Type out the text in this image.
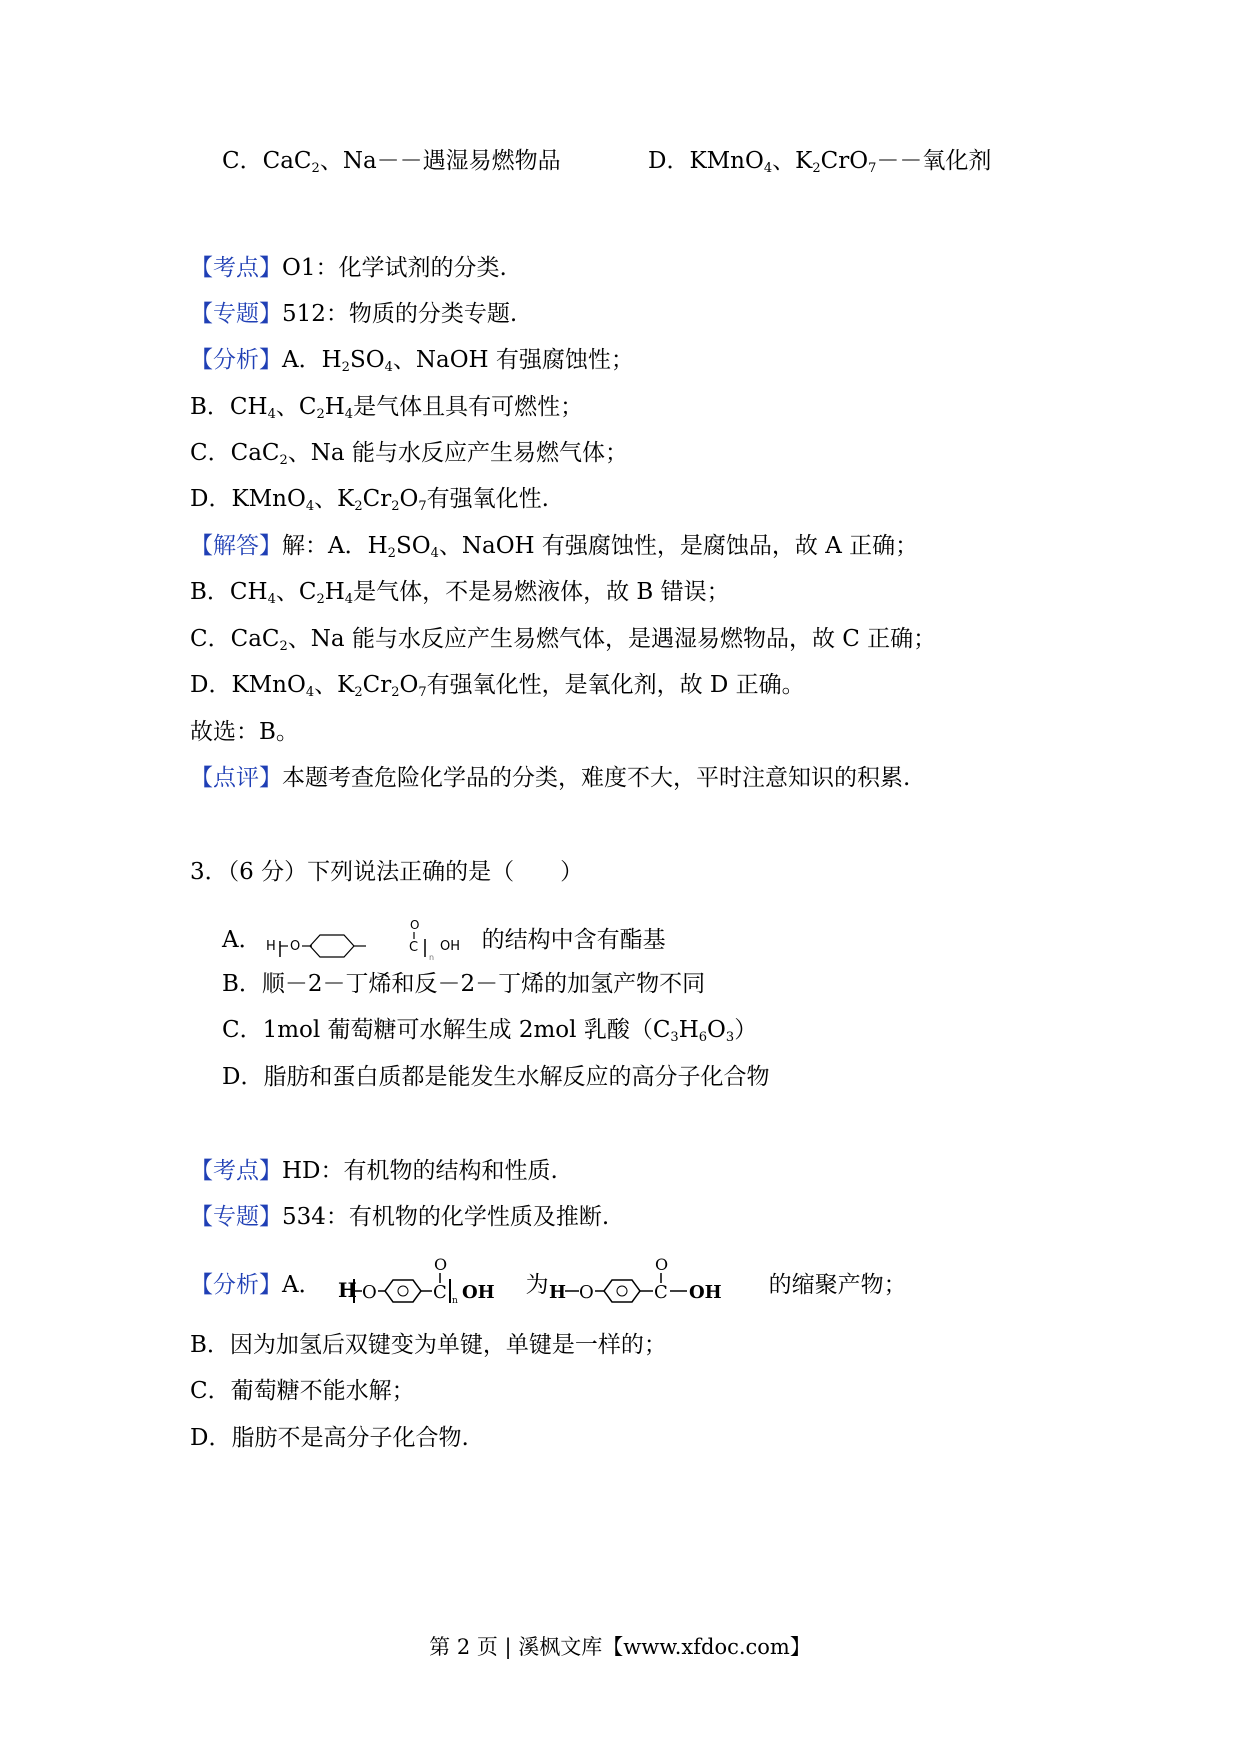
C．CaC$_2$、Na－－遇湿易燃物品	D．KMnO$_4$、$K_2CrO_7--$氧化剂
【考点】O1：化学试剂的分类.
【专题】512：物质的分类专题.
【分析】A．$H_2SO_4$、NaOH 有强腐蚀性；
B．$CH_4$、$C_2H_4$是气体且具有可燃性；
C．CaC$_2$、Na 能与水反应产生易燃气体；
D．KMnO$_4$、$K_2Cr_2O_7$有强氧化性.
【解答】解：A．$H_2SO_4$、NaOH 有强腐蚀性，是腐蚀品，故 A 正确；
B．$CH_4$、$C_2H_4$是气体，不是易燃液体，故 B 错误；
C．CaC$_2$、Na 能与水反应产生易燃气体，是遇湿易燃物品，故 C 正确；
D．KMnO$_4$、$K_2Cr_2O_7$有强氧化性，是氧化剂，故 D 正确。
故选：B。
【点评】本题考查危险化学品的分类，难度不大，平时注意知识的积累.
3．（6 分）下列说法正确的是（　　）
A． H O
O
C
n
OH 的结构中含有酯基
B．顺－2－丁烯和反－2－丁烯的加氢产物不同
C．1mol 葡萄糖可水解生成 2mol 乳酸$(C_3H_6O_3)$
D．脂肪和蛋白质都是能发生水解反应的高分子化合物
【考点】HD：有机物的结构和性质.
【专题】534：有机物的化学性质及推断.
【分析】A． H O
O
C n OH 为 H O
O
C OH 的缩聚产物；
B．因为加氢后双键变为单键，单键是一样的；
C．葡萄糖不能水解；
D．脂肪不是高分子化合物.
第 2 页 | 溪枫文库【www.xfdoc.com】
